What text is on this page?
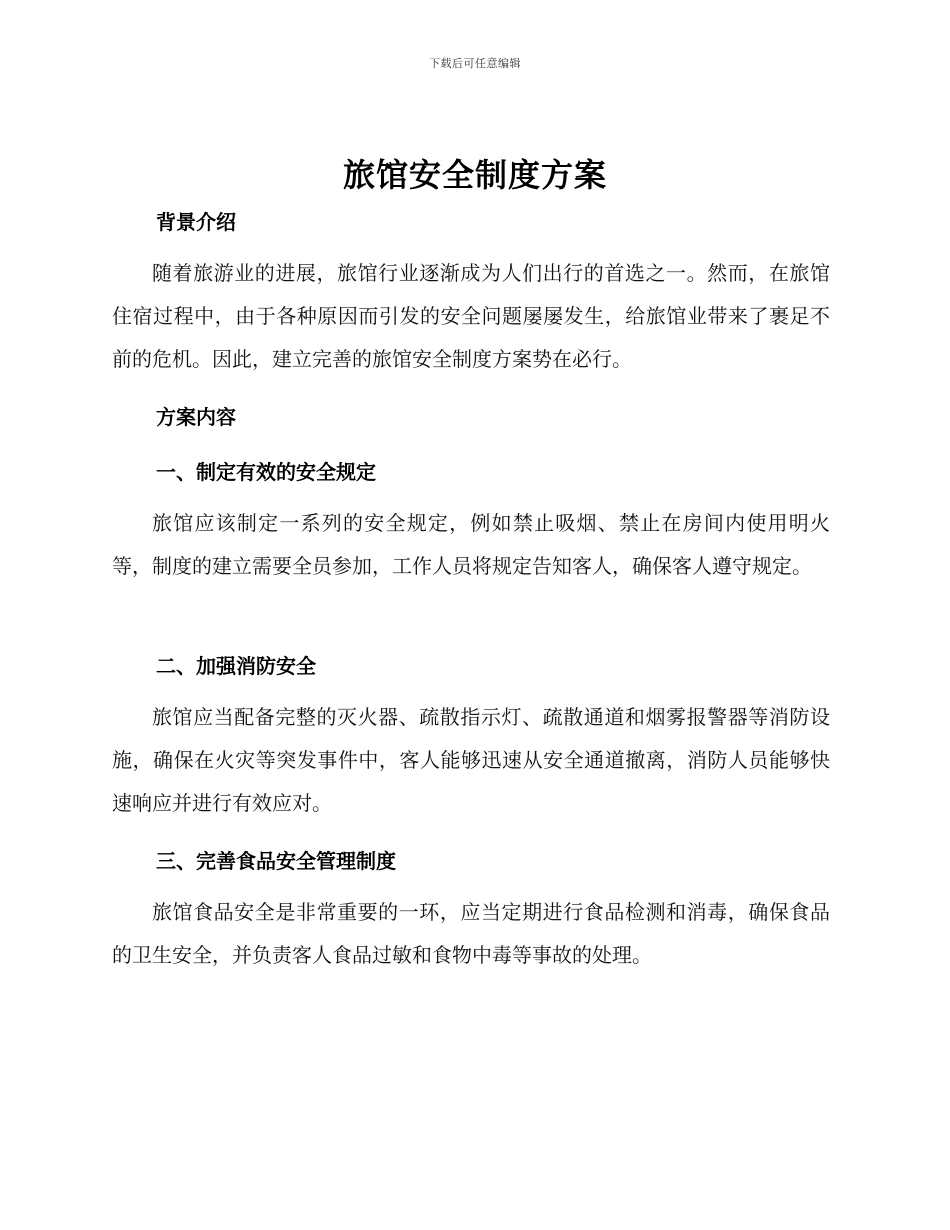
下载后可任意编辑
旅馆安全制度方案
背景介绍

随着旅游业的进展，旅馆行业逐渐成为人们出行的首选之一。然而，在旅馆住宿过程中，由于各种原因而引发的安全问题屡屡发生，给旅馆业带来了裹足不前的危机。因此，建立完善的旅馆安全制度方案势在必行。

方案内容
一、制定有效的安全规定

旅馆应该制定一系列的安全规定，例如禁止吸烟、禁止在房间内使用明火等，制度的建立需要全员参加，工作人员将规定告知客人，确保客人遵守规定。

二、加强消防安全

旅馆应当配备完整的灭火器、疏散指示灯、疏散通道和烟雾报警器等消防设施，确保在火灾等突发事件中，客人能够迅速从安全通道撤离，消防人员能够快速响应并进行有效应对。

三、完善食品安全管理制度

旅馆食品安全是非常重要的一环，应当定期进行食品检测和消毒，确保食品的卫生安全，并负责客人食品过敏和食物中毒等事故的处理。
